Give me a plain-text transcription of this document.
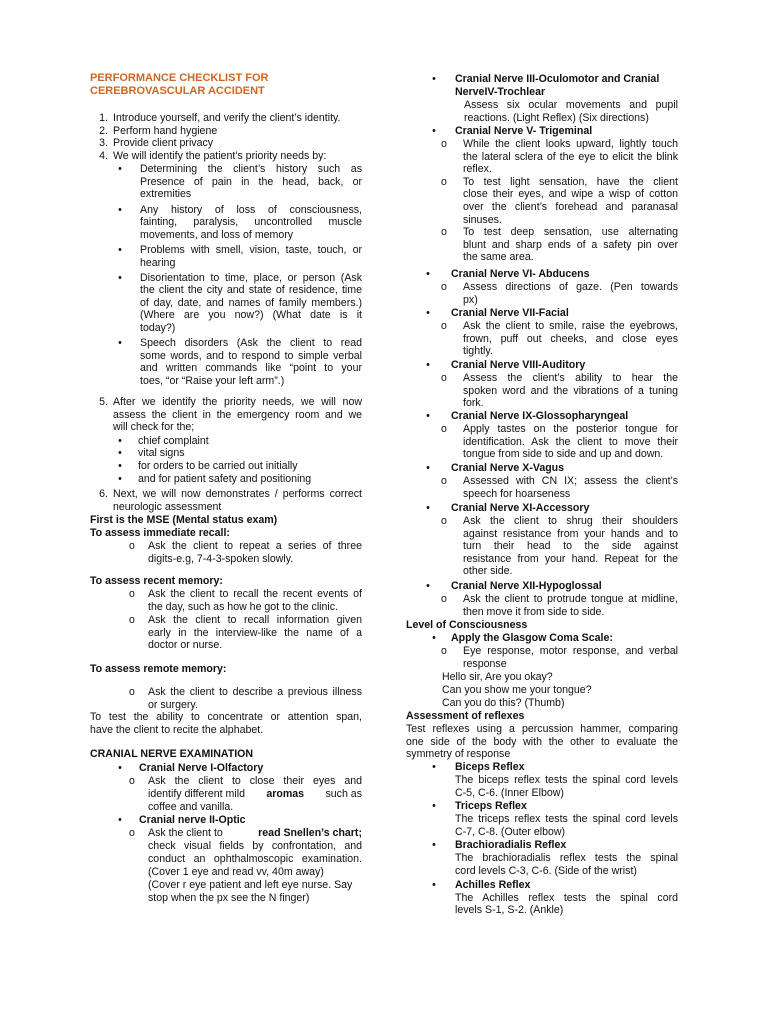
PERFORMANCE CHECKLIST FOR
CEREBROVASCULAR ACCIDENT
1. Introduce yourself, and verify the client’s identity.
2. Perform hand hygiene
3. Provide client privacy
4. We will identify the patient’s priority needs by:
•	Determining the client’s history such as
Presence of pain in the head, back, or
extremities
•	Any history of loss of consciousness,
fainting, paralysis, uncontrolled muscle
movements, and loss of memory
•	Problems with smell, vision, taste, touch, or
hearing
•	Disorientation to time, place, or person (Ask
the client the city and state of residence, time
of day, date, and names of family members.)
(Where are you now?) (What date is it
today?)
•	Speech disorders (Ask the client to read
some words, and to respond to simple verbal
and written commands like “point to your
toes, “or “Raise your left arm”.)
5. After we identify the priority needs, we will now
assess the client in the emergency room and we
will check for the;
•	chief complaint
•	vital signs
•	for orders to be carried out initially
•	and for patient safety and positioning
6. Next, we will now demonstrates / performs correct
neurologic assessment
First is the MSE (Mental status exam)
To assess immediate recall:
o Ask the client to repeat a series of three
digits-e.g, 7-4-3-spoken slowly.
To assess recent memory:
o Ask the client to recall the recent events of
the day, such as how he got to the clinic.
o Ask the client to recall information given
early in the interview-like the name of a
doctor or nurse.
To assess remote memory:
o Ask the client to describe a previous illness
or surgery.
To test the ability to concentrate or attention span,
have the client to recite the alphabet.
CRANIAL NERVE EXAMINATION
•	Cranial Nerve I-Olfactory
o Ask the client to close their eyes and
identify different mild aromas such as
coffee and vanilla.
•	Cranial nerve II-Optic
o Ask the client to	read Snellen’s chart;
check visual fields by confrontation, and
conduct an ophthalmoscopic examination.
(Cover 1 eye and read vv, 40m away)
(Cover r eye patient and left eye nurse. Say
stop when the px see the N finger)
•	Cranial Nerve III-Oculomotor and Cranial
NerveIV-Trochlear
Assess six ocular movements and pupil
reactions. (Light Reflex) (Six directions)
•	Cranial Nerve V- Trigeminal
o While the client looks upward, lightly touch
the lateral sclera of the eye to elicit the blink
reflex.
o To test light sensation, have the client
close their eyes, and wipe a wisp of cotton
over the client’s forehead and paranasal
sinuses.
o To test deep sensation, use alternating
blunt and sharp ends of a safety pin over
the same area.
•	Cranial Nerve VI- Abducens
o Assess directions of gaze. (Pen towards
px)
•	Cranial Nerve VII-Facial
o Ask the client to smile, raise the eyebrows,
frown, puff out cheeks, and close eyes
tightly.
•	Cranial Nerve VIII-Auditory
o Assess the client’s ability to hear the
spoken word and the vibrations of a tuning
fork.
•	Cranial Nerve IX-Glossopharyngeal
o Apply tastes on the posterior tongue for
identification. Ask the client to move their
tongue from side to side and up and down.
•	Cranial Nerve X-Vagus
o Assessed with CN IX; assess the client’s
speech for hoarseness
•	Cranial Nerve XI-Accessory
o Ask the client to shrug their shoulders
against resistance from your hands and to
turn their head to the side against
resistance from your hand. Repeat for the
other side.
•	Cranial Nerve XII-Hypoglossal
o Ask the client to protrude tongue at midline,
then move it from side to side.
Level of Consciousness
•	Apply the Glasgow Coma Scale:
o Eye response, motor response, and verbal
response
Hello sir, Are you okay?
Can you show me your tongue?
Can you do this? (Thumb)
Assessment of reflexes
Test reflexes using a percussion hammer, comparing
one side of the body with the other to evaluate the
symmetry of response
•	Biceps Reflex
The biceps reflex tests the spinal cord levels
C-5, C-6. (Inner Elbow)
•	Triceps Reflex
The triceps reflex tests the spinal cord levels
C-7, C-8. (Outer elbow)
•	Brachioradialis Reflex
The brachioradialis reflex tests the spinal
cord levels C-3, C-6. (Side of the wrist)
•	Achilles Reflex
The Achilles reflex tests the spinal cord
levels S-1, S-2. (Ankle)
